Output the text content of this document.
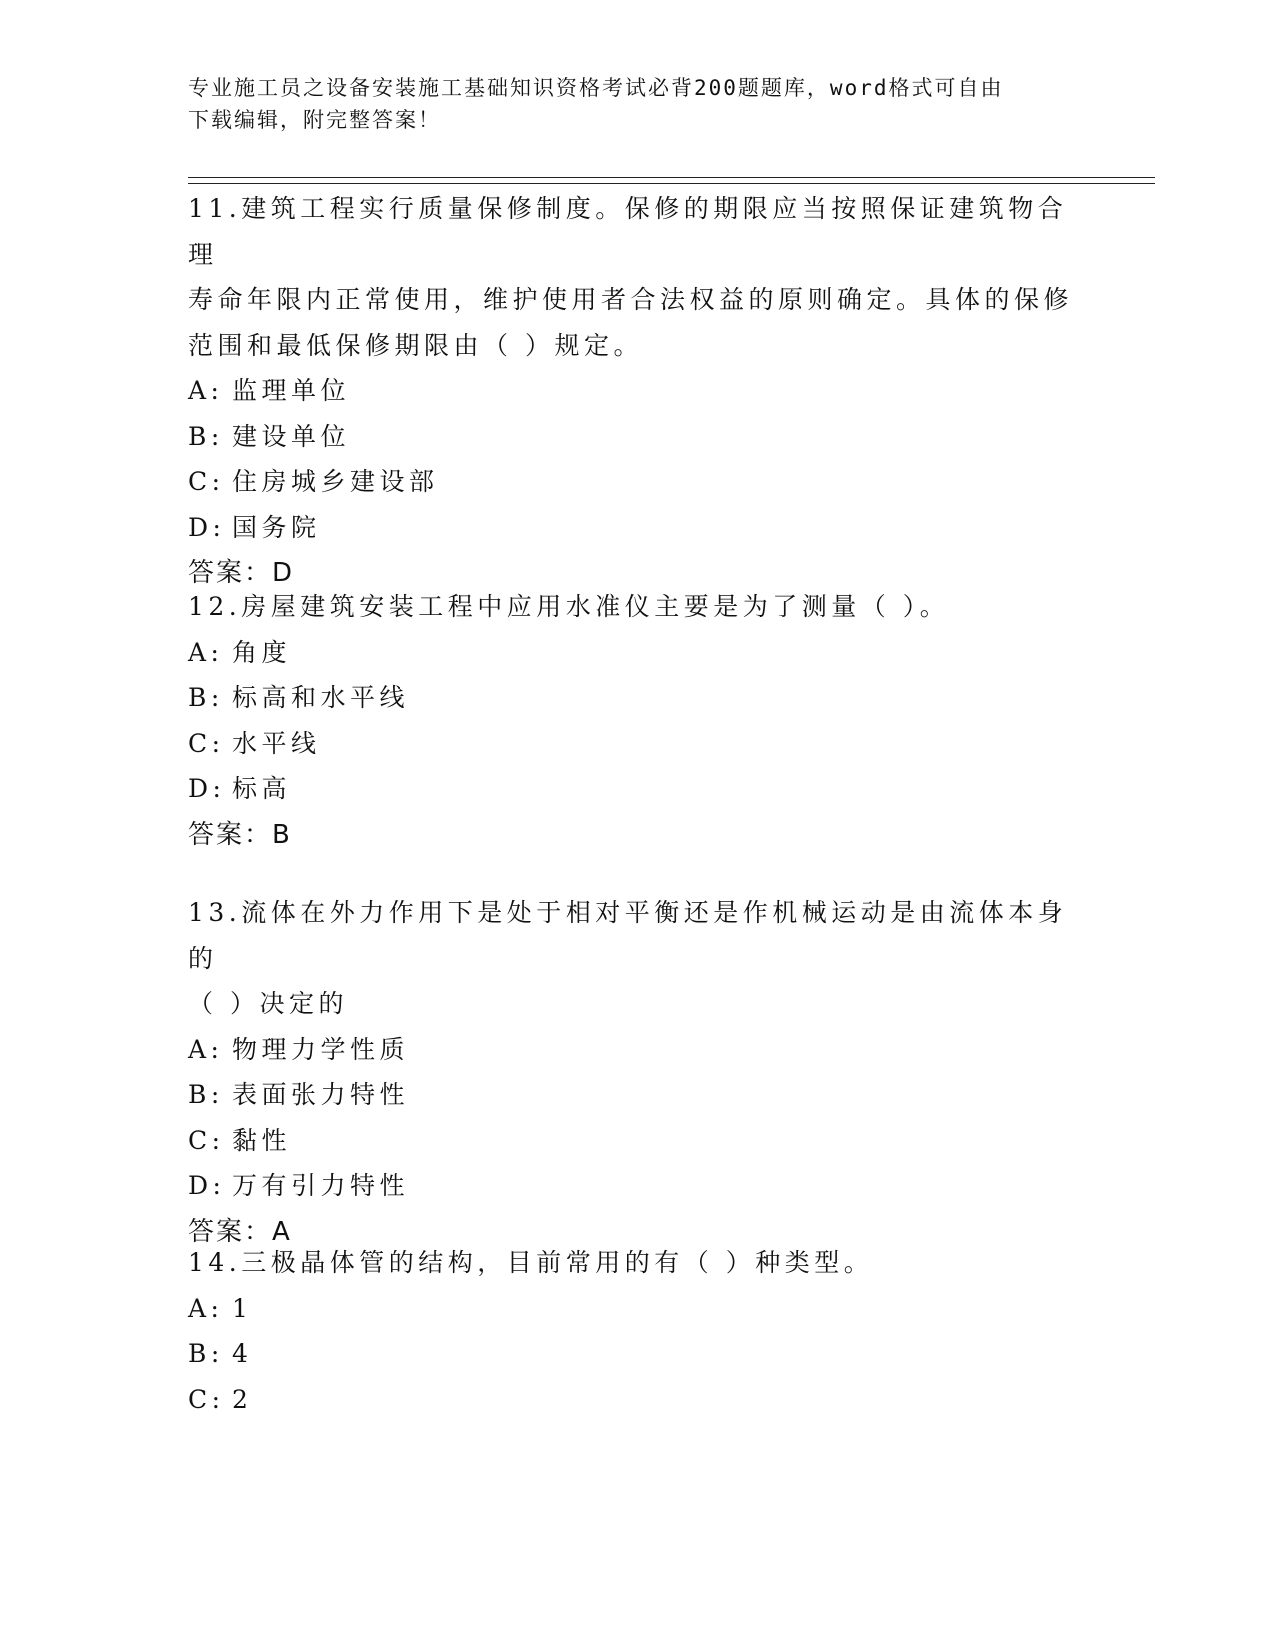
专业施工员之设备安装施工基础知识资格考试必背200题题库，word格式可自由
下载编辑，附完整答案！

11.建筑工程实行质量保修制度。保修的期限应当按照保证建筑物合理

寿命年限内正常使用，维护使用者合法权益的原则确定。具体的保修

范围和最低保修期限由（ ）规定。

A: 监理单位

B: 建设单位

C: 住房城乡建设部

D: 国务院

答案：D

12.房屋建筑安装工程中应用水准仪主要是为了测量（ ）。

A: 角度

B: 标高和水平线

C: 水平线

D: 标高

答案：B

13.流体在外力作用下是处于相对平衡还是作机械运动是由流体本身的

（ ）决定的

A: 物理力学性质

B: 表面张力特性

C: 黏性

D: 万有引力特性

答案：A

14.三极晶体管的结构，目前常用的有（ ）种类型。

A: 1

B: 4

C: 2
